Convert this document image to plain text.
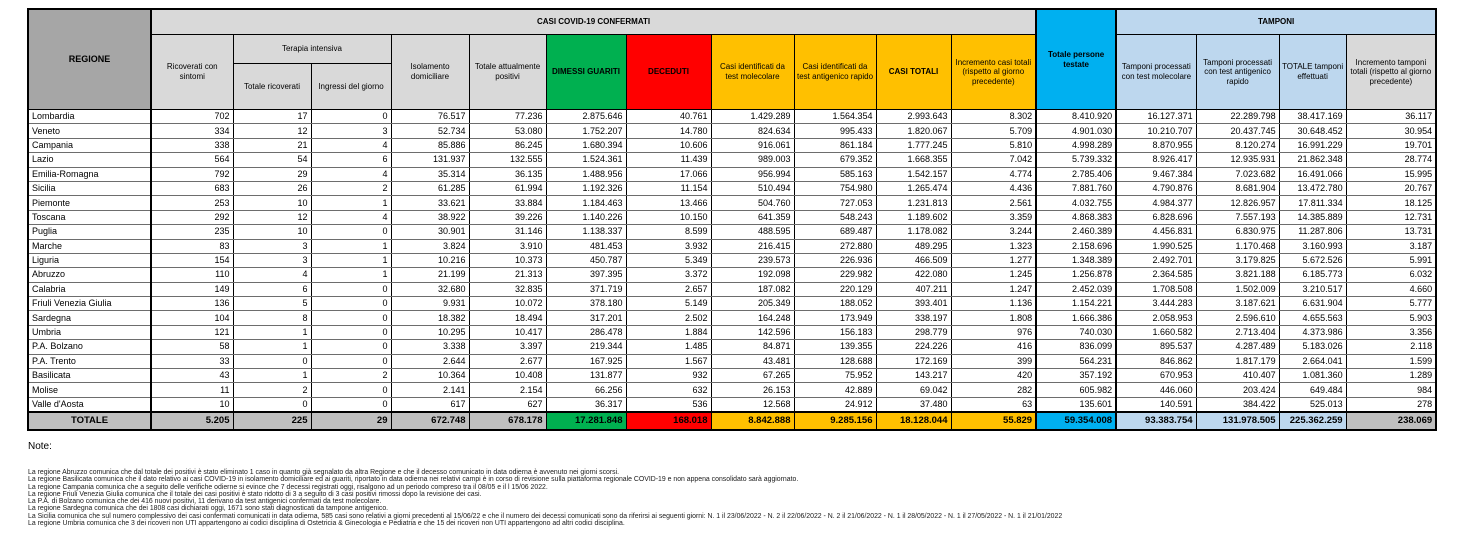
REGIONE	CASI COVID-19 CONFERMATI											Totale persone testate	TAMPONI			
	Ricoverati con sintomi	Terapia intensiva		Isolamento domiciliare	Totale attualmente positivi	DIMESSI GUARITI	DECEDUTI	Casi identificati da test molecolare	Casi identificati da test antigenico rapido	CASI TOTALI	Incremento casi totali (rispetto al giorno precedente)		Tamponi processati con test molecolare	Tamponi processati con test antigenico rapido	TOTALE tamponi effettuati	Incremento tamponi totali (rispetto al giorno precedente)
		Totale ricoverati	Ingressi del giorno													
Lombardia	702	17	0	76.517	77.236	2.875.646	40.761	1.429.289	1.564.354	2.993.643	8.302	8.410.920	16.127.371	22.289.798	38.417.169	36.117
Veneto	334	12	3	52.734	53.080	1.752.207	14.780	824.634	995.433	1.820.067	5.709	4.901.030	10.210.707	20.437.745	30.648.452	30.954
Campania	338	21	4	85.886	86.245	1.680.394	10.606	916.061	861.184	1.777.245	5.810	4.998.289	8.870.955	8.120.274	16.991.229	19.701
Lazio	564	54	6	131.937	132.555	1.524.361	11.439	989.003	679.352	1.668.355	7.042	5.739.332	8.926.417	12.935.931	21.862.348	28.774
Emilia-Romagna	792	29	4	35.314	36.135	1.488.956	17.066	956.994	585.163	1.542.157	4.774	2.785.406	9.467.384	7.023.682	16.491.066	15.995
Sicilia	683	26	2	61.285	61.994	1.192.326	11.154	510.494	754.980	1.265.474	4.436	7.881.760	4.790.876	8.681.904	13.472.780	20.767
Piemonte	253	10	1	33.621	33.884	1.184.463	13.466	504.760	727.053	1.231.813	2.561	4.032.755	4.984.377	12.826.957	17.811.334	18.125
Toscana	292	12	4	38.922	39.226	1.140.226	10.150	641.359	548.243	1.189.602	3.359	4.868.383	6.828.696	7.557.193	14.385.889	12.731
Puglia	235	10	0	30.901	31.146	1.138.337	8.599	488.595	689.487	1.178.082	3.244	2.460.389	4.456.831	6.830.975	11.287.806	13.731
Marche	83	3	1	3.824	3.910	481.453	3.932	216.415	272.880	489.295	1.323	2.158.696	1.990.525	1.170.468	3.160.993	3.187
Liguria	154	3	1	10.216	10.373	450.787	5.349	239.573	226.936	466.509	1.277	1.348.389	2.492.701	3.179.825	5.672.526	5.991
Abruzzo	110	4	1	21.199	21.313	397.395	3.372	192.098	229.982	422.080	1.245	1.256.878	2.364.585	3.821.188	6.185.773	6.032
Calabria	149	6	0	32.680	32.835	371.719	2.657	187.082	220.129	407.211	1.247	2.452.039	1.708.508	1.502.009	3.210.517	4.660
Friuli Venezia Giulia	136	5	0	9.931	10.072	378.180	5.149	205.349	188.052	393.401	1.136	1.154.221	3.444.283	3.187.621	6.631.904	5.777
Sardegna	104	8	0	18.382	18.494	317.201	2.502	164.248	173.949	338.197	1.808	1.666.386	2.058.953	2.596.610	4.655.563	5.903
Umbria	121	1	0	10.295	10.417	286.478	1.884	142.596	156.183	298.779	976	740.030	1.660.582	2.713.404	4.373.986	3.356
P.A. Bolzano	58	1	0	3.338	3.397	219.344	1.485	84.871	139.355	224.226	416	836.099	895.537	4.287.489	5.183.026	2.118
P.A. Trento	33	0	0	2.644	2.677	167.925	1.567	43.481	128.688	172.169	399	564.231	846.862	1.817.179	2.664.041	1.599
Basilicata	43	1	2	10.364	10.408	131.877	932	67.265	75.952	143.217	420	357.192	670.953	410.407	1.081.360	1.289
Molise	11	2	0	2.141	2.154	66.256	632	26.153	42.889	69.042	282	605.982	446.060	203.424	649.484	984
Valle d'Aosta	10	0	0	617	627	36.317	536	12.568	24.912	37.480	63	135.601	140.591	384.422	525.013	278
TOTALE	5.205	225	29	672.748	678.178	17.281.848	168.018	8.842.888	9.285.156	18.128.044	55.829	59.354.008	93.383.754	131.978.505	225.362.259	238.069
Note:
La regione Abruzzo comunica che dal totale dei positivi è stato eliminato 1 caso in quanto già segnalato da altra Regione e che il decesso comunicato in data odierna è avvenuto nei giorni scorsi.
La regione Basilicata comunica che il dato relativo ai casi COVID-19 in isolamento domiciliare ed ai guariti, riportato in data odierna nei relativi campi è in corso di revisione sulla piattaforma regionale COVID-19 e non appena consolidato sarà aggiornato.
La regione Campania comunica che a seguito delle verifiche odierne si evince che 7 decessi registrati oggi, risalgono ad un periodo compreso tra il 08/05 e il l 15/06 2022.
La regione Friuli Venezia Giulia comunica che il totale dei casi positivi è stato ridotto di 3 a seguito di 3 casi positivi rimossi dopo la revisione dei casi.
La P.A. di Bolzano comunica che dei 416 nuovi positivi, 11 derivano da test antigenici confermati da test molecolare.
La regione Sardegna comunica che dei 1808 casi dichiarati oggi, 1671 sono stati diagnosticati da tampone antigenico.
La Sicilia comunica che sul numero complessivo dei casi confermati comunicati in data odierna, 585 casi sono relativi a giorni precedenti al 15/06/22 e che il numero dei decessi comunicati sono da riferirsi ai seguenti giorni: N. 1 il 23/06/2022 - N. 2 il 22/06/2022 - N. 2 il 21/06/2022 - N. 1 il 28/05/2022 - N. 1 il 27/05/2022 - N. 1 il 21/01/2022
La regione Umbria comunica che 3 dei ricoveri non UTI appartengono ai codici disciplina di Ostetricia & Ginecologia e Pediatria e che 15 dei ricoveri non UTI appartengono ad altri codici disciplina.
